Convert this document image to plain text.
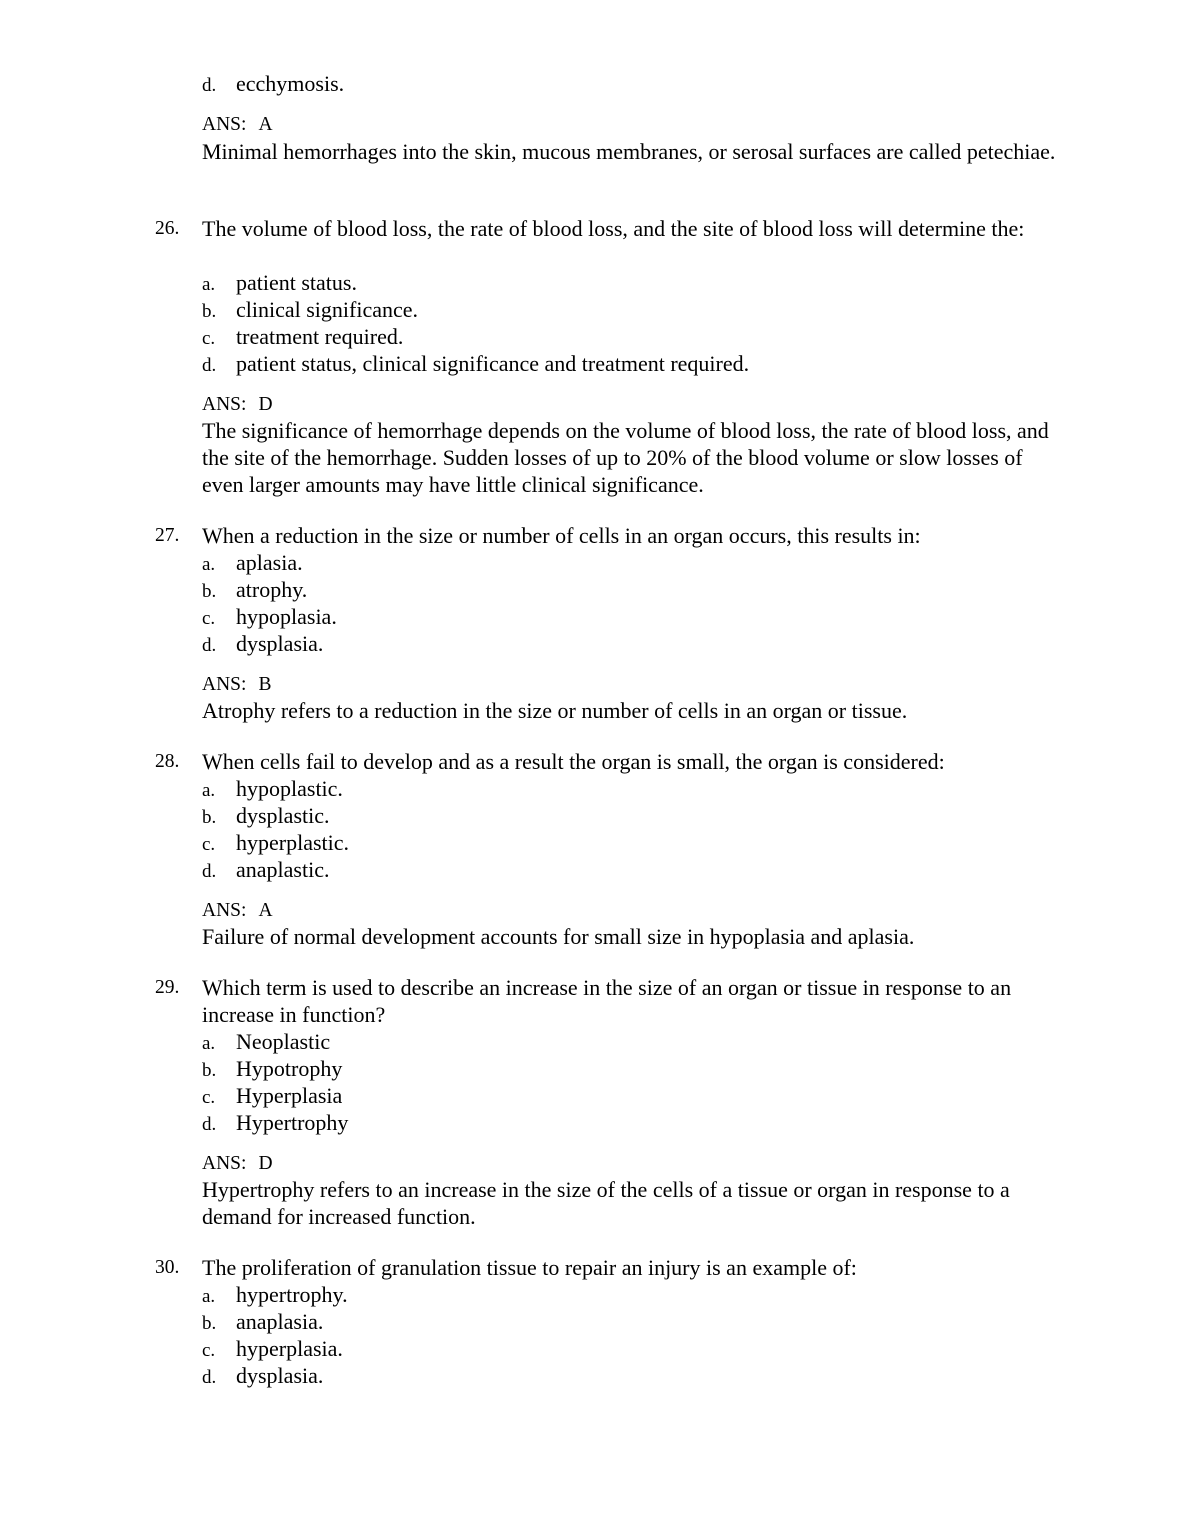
d. ecchymosis.
ANS: A
Minimal hemorrhages into the skin, mucous membranes, or serosal surfaces are called petechiae.
26. The volume of blood loss, the rate of blood loss, and the site of blood loss will determine the:
a. patient status.
b. clinical significance.
c. treatment required.
d. patient status, clinical significance and treatment required.
ANS: D
The significance of hemorrhage depends on the volume of blood loss, the rate of blood loss, and the site of the hemorrhage. Sudden losses of up to 20% of the blood volume or slow losses of even larger amounts may have little clinical significance.
27. When a reduction in the size or number of cells in an organ occurs, this results in:
a. aplasia.
b. atrophy.
c. hypoplasia.
d. dysplasia.
ANS: B
Atrophy refers to a reduction in the size or number of cells in an organ or tissue.
28. When cells fail to develop and as a result the organ is small, the organ is considered:
a. hypoplastic.
b. dysplastic.
c. hyperplastic.
d. anaplastic.
ANS: A
Failure of normal development accounts for small size in hypoplasia and aplasia.
29. Which term is used to describe an increase in the size of an organ or tissue in response to an increase in function?
a. Neoplastic
b. Hypotrophy
c. Hyperplasia
d. Hypertrophy
ANS: D
Hypertrophy refers to an increase in the size of the cells of a tissue or organ in response to a demand for increased function.
30. The proliferation of granulation tissue to repair an injury is an example of:
a. hypertrophy.
b. anaplasia.
c. hyperplasia.
d. dysplasia.
